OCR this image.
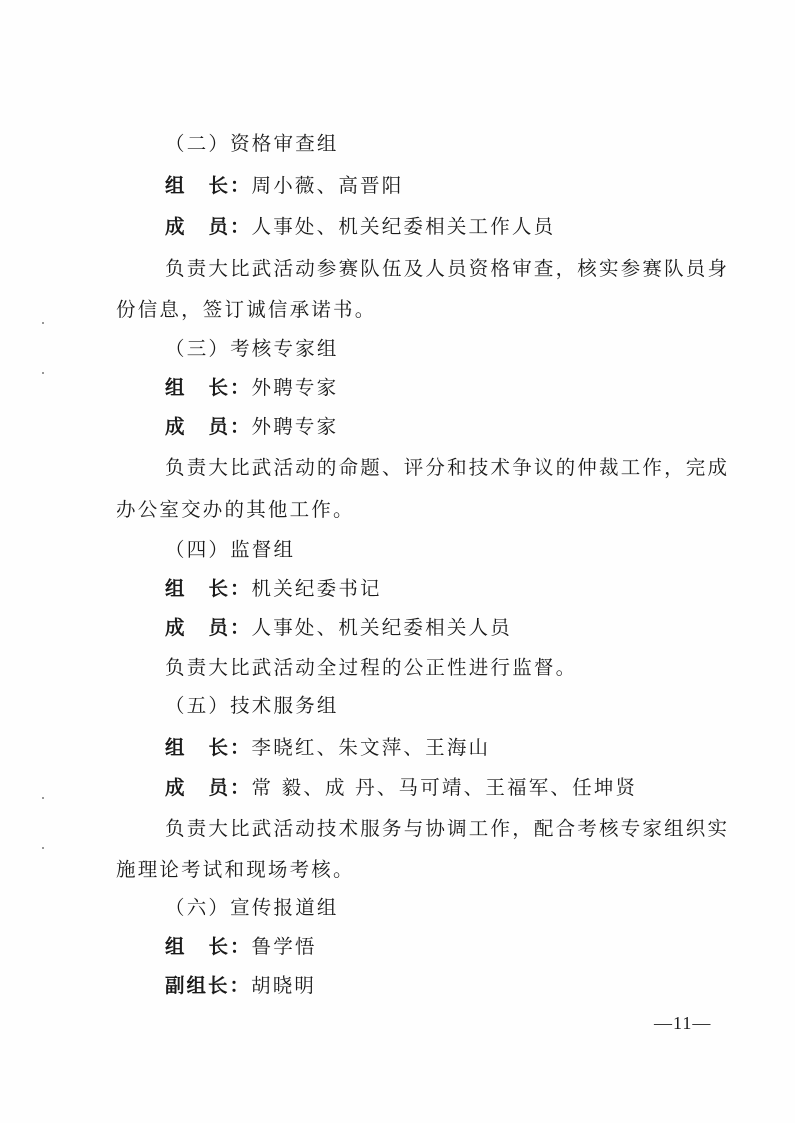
（二）资格审查组
组 长：周小薇、高晋阳
成 员：人事处、机关纪委相关工作人员
负责大比武活动参赛队伍及人员资格审查，核实参赛队员身
份信息，签订诚信承诺书。
（三）考核专家组
组 长：外聘专家
成 员：外聘专家
负责大比武活动的命题、评分和技术争议的仲裁工作，完成
办公室交办的其他工作。
（四）监督组
组 长：机关纪委书记
成 员：人事处、机关纪委相关人员
负责大比武活动全过程的公正性进行监督。
（五）技术服务组
组 长：李晓红、朱文萍、王海山
成 员：常 毅、成 丹、马可靖、王福军、任坤贤
负责大比武活动技术服务与协调工作，配合考核专家组织实
施理论考试和现场考核。
（六）宣传报道组
组 长：鲁学悟
副组长：胡晓明
—11—
